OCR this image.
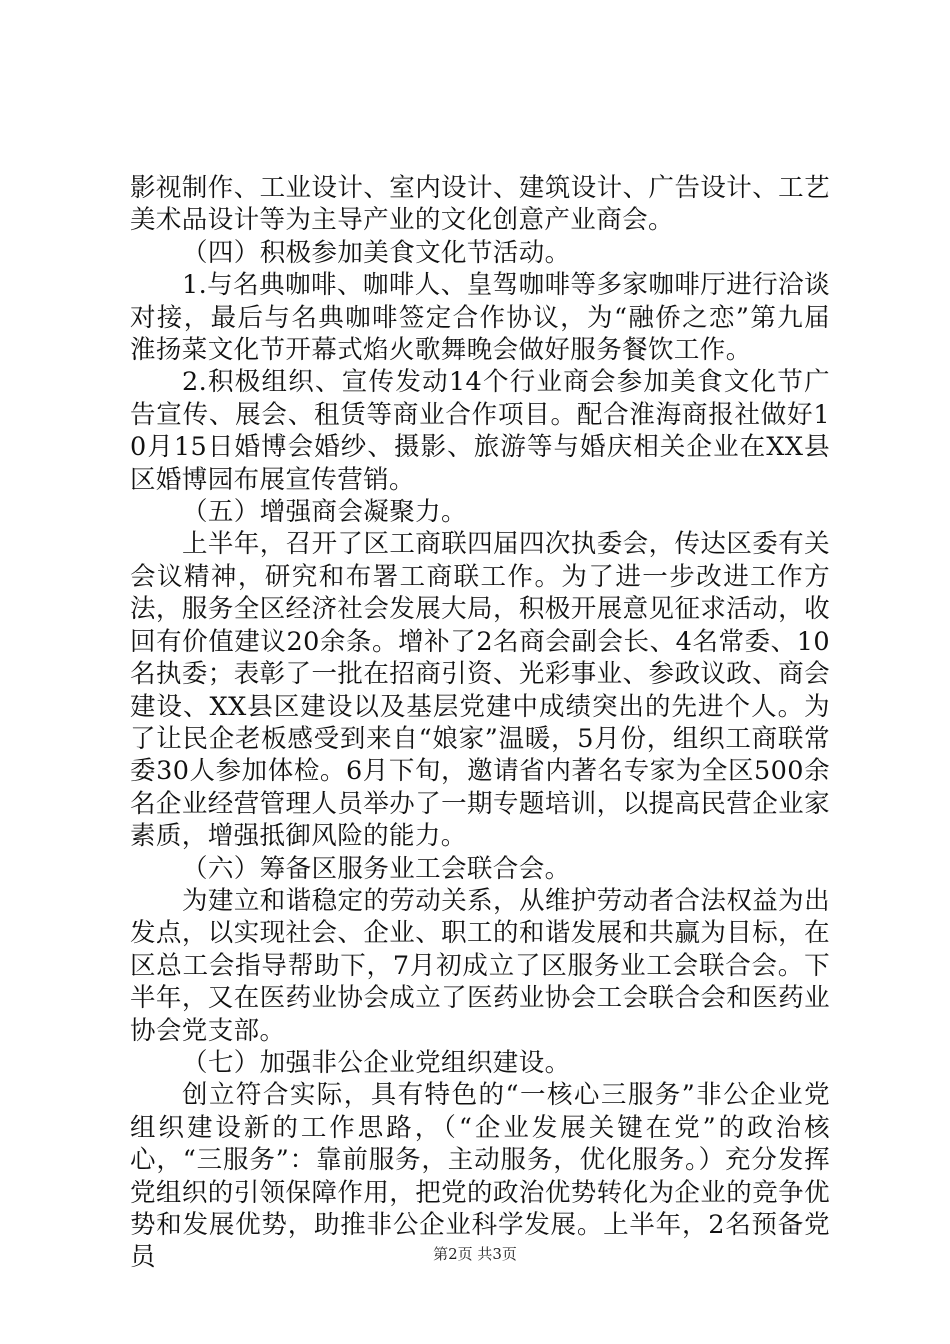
影视制作、工业设计、室内设计、建筑设计、广告设计、工艺美术品设计等为主导产业的文化创意产业商会。

（四）积极参加美食文化节活动。

1.与名典咖啡、咖啡人、皇驾咖啡等多家咖啡厅进行洽谈对接，最后与名典咖啡签定合作协议，为“融侨之恋”第九届淮扬菜文化节开幕式焰火歌舞晚会做好服务餐饮工作。

2.积极组织、宣传发动14个行业商会参加美食文化节广告宣传、展会、租赁等商业合作项目。配合淮海商报社做好10月15日婚博会婚纱、摄影、旅游等与婚庆相关企业在XX县区婚博园布展宣传营销。

（五）增强商会凝聚力。

上半年，召开了区工商联四届四次执委会，传达区委有关会议精神，研究和布署工商联工作。为了进一步改进工作方法，服务全区经济社会发展大局，积极开展意见征求活动，收回有价值建议20余条。增补了2名商会副会长、4名常委、10名执委；表彰了一批在招商引资、光彩事业、参政议政、商会建设、XX县区建设以及基层党建中成绩突出的先进个人。为了让民企老板感受到来自“娘家”温暖，5月份，组织工商联常委30人参加体检。6月下旬，邀请省内著名专家为全区500余名企业经营管理人员举办了一期专题培训，以提高民营企业家素质，增强抵御风险的能力。

（六）筹备区服务业工会联合会。

为建立和谐稳定的劳动关系，从维护劳动者合法权益为出发点，以实现社会、企业、职工的和谐发展和共赢为目标，在区总工会指导帮助下，7月初成立了区服务业工会联合会。下半年，又在医药业协会成立了医药业协会工会联合会和医药业协会党支部。

（七）加强非公企业党组织建设。

创立符合实际，具有特色的“一核心三服务”非公企业党组织建设新的工作思路，（“企业发展关键在党”的政治核心，“三服务”：靠前服务，主动服务，优化服务。）充分发挥党组织的引领保障作用，把党的政治优势转化为企业的竞争优势和发展优势，助推非公企业科学发展。上半年，2名预备党员	第2页 共3页
